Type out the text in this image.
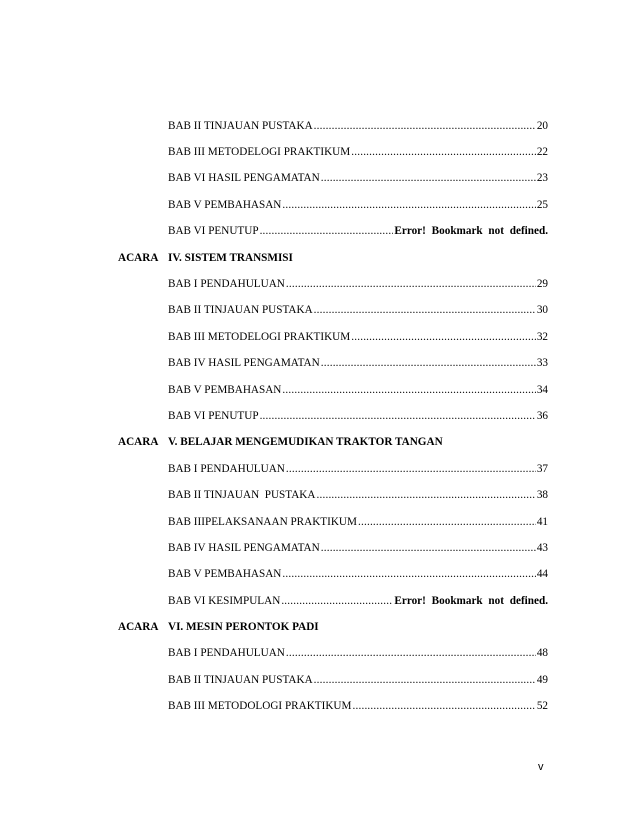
BAB II TINJAUAN PUSTAKA .....	20
BAB III METODELOGI PRAKTIKUM .....	22
BAB VI HASIL PENGAMATAN .....	23
BAB V PEMBAHASAN .....	25
BAB VI PENUTUP .....	Error! Bookmark not defined.
ACARA IV. SISTEM TRANSMISI
BAB I PENDAHULUAN .....	29
BAB II TINJAUAN PUSTAKA .....	30
BAB III METODELOGI PRAKTIKUM .....	32
BAB IV HASIL PENGAMATAN .....	33
BAB V PEMBAHASAN .....	34
BAB VI PENUTUP .....	36
ACARA V. BELAJAR MENGEMUDIKAN TRAKTOR TANGAN
BAB I PENDAHULUAN .....	37
BAB II TINJAUAN  PUSTAKA .....	38
BAB IIIPELAKSANAAN PRAKTIKUM .....	41
BAB IV HASIL PENGAMATAN .....	43
BAB V PEMBAHASAN .....	44
BAB VI KESIMPULAN .....	Error! Bookmark not defined.
ACARA VI. MESIN PERONTOK PADI
BAB I PENDAHULUAN .....	48
BAB II TINJAUAN PUSTAKA .....	49
BAB III METODOLOGI PRAKTIKUM .....	52
v
